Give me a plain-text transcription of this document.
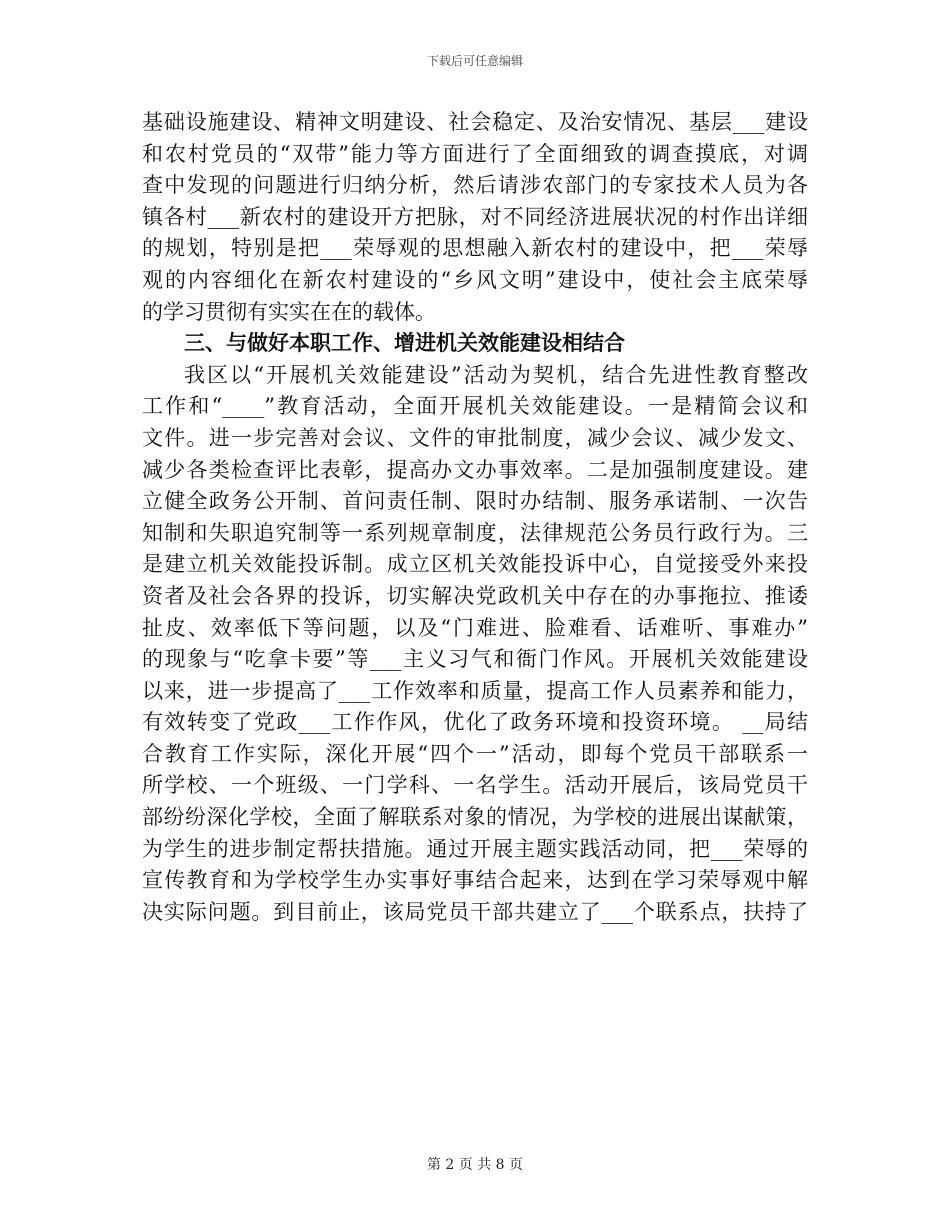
下载后可任意编辑
基础设施建设、精神文明建设、社会稳定、及治安情况、基层___建设
和农村党员的“双带”能力等方面进行了全面细致的调查摸底，对调
查中发现的问题进行归纳分析，然后请涉农部门的专家技术人员为各
镇各村___新农村的建设开方把脉，对不同经济进展状况的村作出详细
的规划，特别是把___荣辱观的思想融入新农村的建设中，把___荣辱
观的内容细化在新农村建设的“乡风文明”建设中，使社会主底荣辱
的学习贯彻有实实在在的载体。
三、与做好本职工作、增进机关效能建设相结合
我区以“开展机关效能建设”活动为契机，结合先进性教育整改
工作和“____”教育活动，全面开展机关效能建设。一是精简会议和
文件。进一步完善对会议、文件的审批制度，减少会议、减少发文、
减少各类检查评比表彰，提高办文办事效率。二是加强制度建设。建
立健全政务公开制、首问责任制、限时办结制、服务承诺制、一次告
知制和失职追究制等一系列规章制度，法律规范公务员行政行为。三
是建立机关效能投诉制。成立区机关效能投诉中心，自觉接受外来投
资者及社会各界的投诉，切实解决党政机关中存在的办事拖拉、推诿
扯皮、效率低下等问题，以及“门难进、脸难看、话难听、事难办”
的现象与“吃拿卡要”等___主义习气和衙门作风。开展机关效能建设
以来，进一步提高了___工作效率和质量，提高工作人员素养和能力，
有效转变了党政___工作作风，优化了政务环境和投资环境。 __局结
合教育工作实际，深化开展“四个一”活动，即每个党员干部联系一
所学校、一个班级、一门学科、一名学生。活动开展后，该局党员干
部纷纷深化学校，全面了解联系对象的情况，为学校的进展出谋献策，
为学生的进步制定帮扶措施。通过开展主题实践活动同，把___荣辱的
宣传教育和为学校学生办实事好事结合起来，达到在学习荣辱观中解
决实际问题。到目前止，该局党员干部共建立了___个联系点，扶持了
第 2 页 共 8 页
